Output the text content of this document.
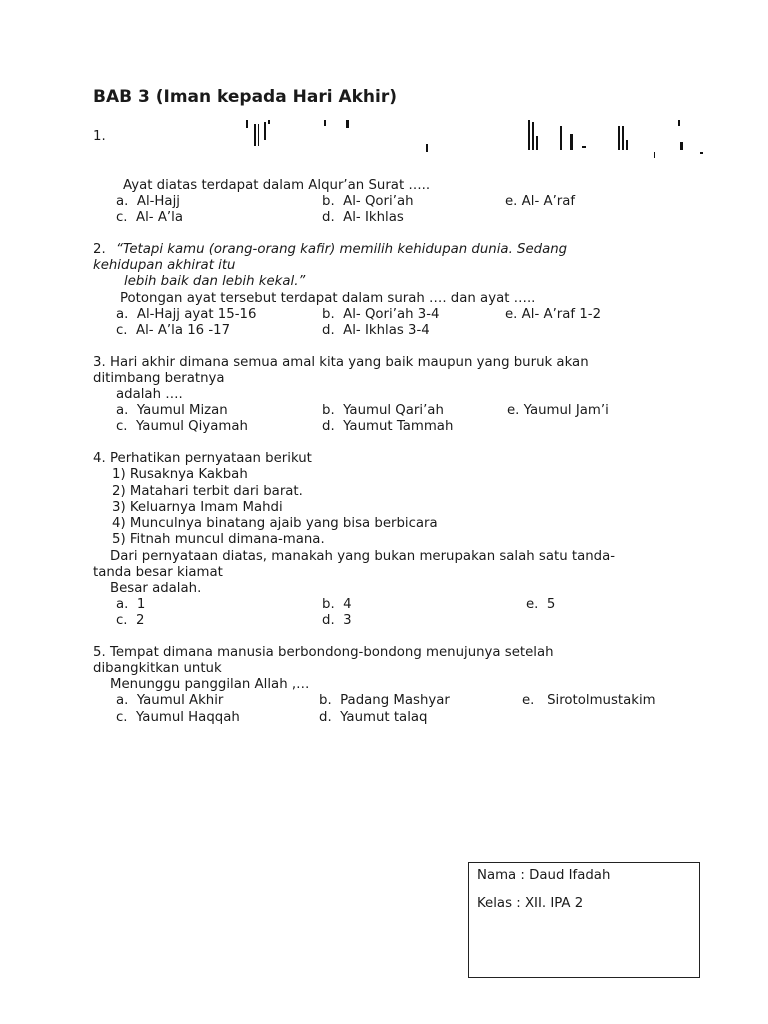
BAB 3 (Iman kepada Hari Akhir)
1.
Ayat diatas terdapat dalam Alqur’an Surat …..
a. Al-Hajj	b. Al- Qori’ah	e. Al- A’raf
c. Al- A’la	d. Al- Ikhlas
2. “Tetapi kamu (orang-orang kafir) memilih kehidupan dunia. Sedang
kehidupan akhirat itu
lebih baik dan lebih kekal.”
Potongan ayat tersebut terdapat dalam surah …. dan ayat …..
a. Al-Hajj ayat 15-16	b. Al- Qori’ah 3-4	e. Al- A’raf 1-2
c. Al- A’la 16 -17	d. Al- Ikhlas 3-4
3. Hari akhir dimana semua amal kita yang baik maupun yang buruk akan
ditimbang beratnya
adalah ….
a. Yaumul Mizan	b. Yaumul Qari’ah	e. Yaumul Jam’i
c. Yaumul Qiyamah	d. Yaumut Tammah
4. Perhatikan pernyataan berikut
1) Rusaknya Kakbah
2) Matahari terbit dari barat.
3) Keluarnya Imam Mahdi
4) Munculnya binatang ajaib yang bisa berbicara
5) Fitnah muncul dimana-mana.
Dari pernyataan diatas, manakah yang bukan merupakan salah satu tanda-
tanda besar kiamat
Besar adalah.
a. 1	b. 4	e. 5
c. 2	d. 3
5. Tempat dimana manusia berbondong-bondong menujunya setelah
dibangkitkan untuk
Menunggu panggilan Allah ,…
a. Yaumul Akhir	b. Padang Mashyar	e. Sirotolmustakim
c. Yaumul Haqqah	d. Yaumut talaq
Nama : Daud Ifadah
Kelas : XII. IPA 2
